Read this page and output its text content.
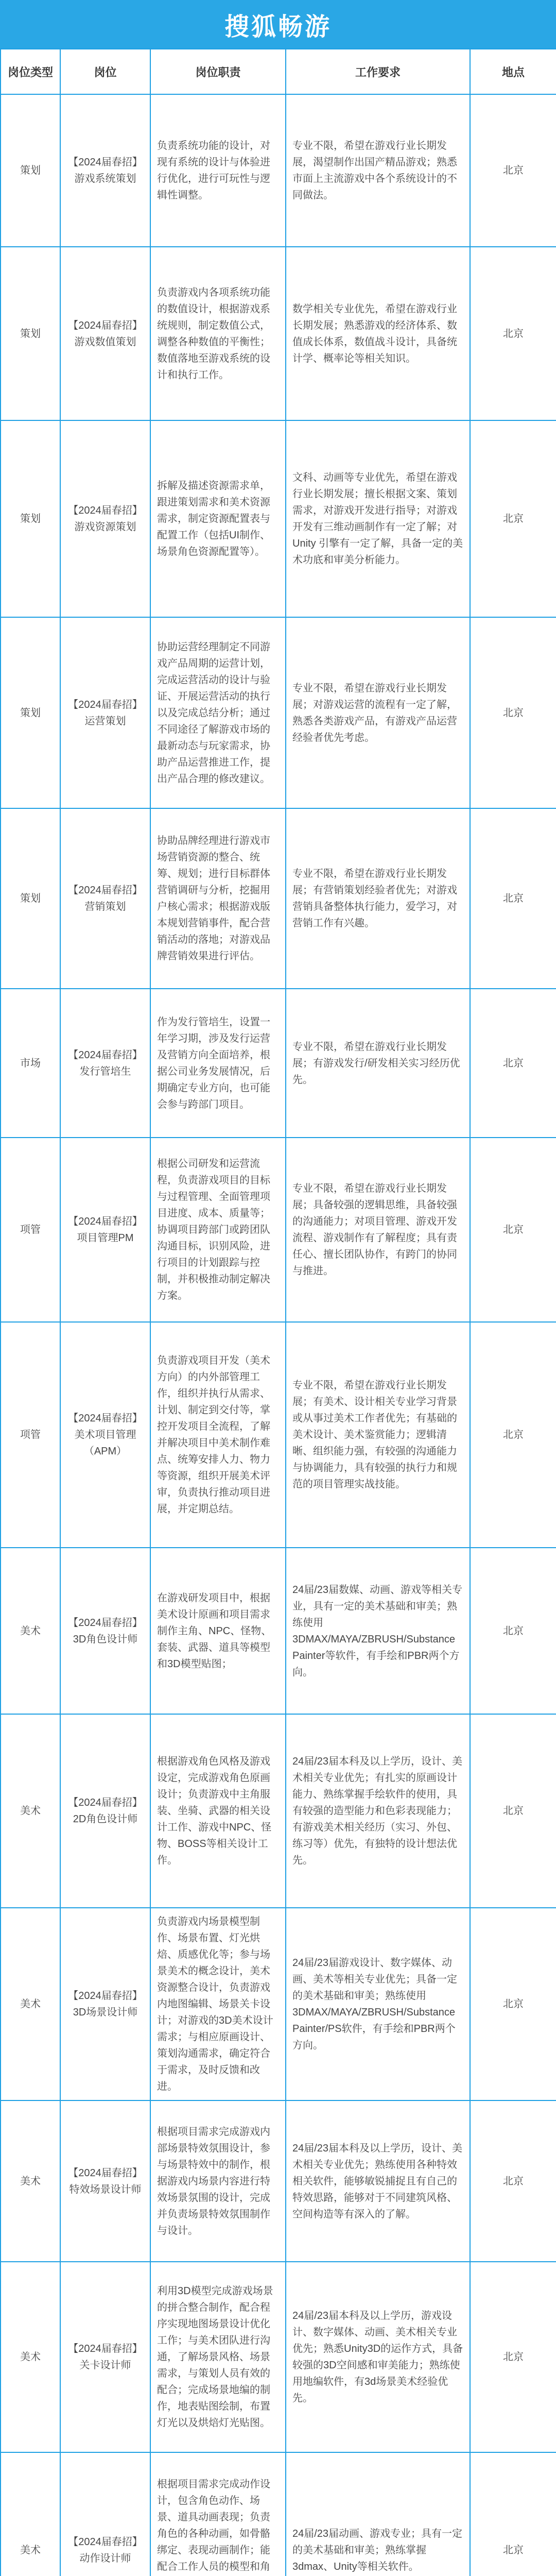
搜狐畅游
岗位类型	岗位	岗位职责	工作要求	地点
策划	【2024届春招】游戏系统策划	负责系统功能的设计，对现有系统的设计与体验进行优化，进行可玩性与逻辑性调整。	专业不限，希望在游戏行业长期发展，渴望制作出国产精品游戏；熟悉市面上主流游戏中各个系统设计的不同做法。	北京
策划	【2024届春招】游戏数值策划	负责游戏内各项系统功能的数值设计，根据游戏系统规则，制定数值公式，调整各种数值的平衡性；数值落地至游戏系统的设计和执行工作。	数学相关专业优先，希望在游戏行业长期发展；熟悉游戏的经济体系、数值成长体系，数值战斗设计，具备统计学、概率论等相关知识。	北京
策划	【2024届春招】游戏资源策划	拆解及描述资源需求单，跟进策划需求和美术资源需求，制定资源配置表与配置工作（包括UI制作、场景角色资源配置等）。	文科、动画等专业优先，希望在游戏行业长期发展；擅长根据文案、策划需求，对游戏开发进行指导；对游戏开发有三维动画制作有一定了解；对 Unity 引擎有一定了解，具备一定的美术功底和审美分析能力。	北京
策划	【2024届春招】运营策划	协助运营经理制定不同游戏产品周期的运营计划，完成运营活动的设计与验证、开展运营活动的执行以及完成总结分析；通过不同途径了解游戏市场的最新动态与玩家需求，协助产品运营推进工作，提出产品合理的修改建议。	专业不限，希望在游戏行业长期发展；对游戏运营的流程有一定了解，熟悉各类游戏产品，有游戏产品运营经验者优先考虑。	北京
策划	【2024届春招】营销策划	协助品牌经理进行游戏市场营销资源的整合、统筹、规划；进行目标群体营销调研与分析，挖掘用户核心需求；根据游戏版本规划营销事件，配合营销活动的落地；对游戏品牌营销效果进行评估。	专业不限，希望在游戏行业长期发展；有营销策划经验者优先；对游戏营销具备整体执行能力，爱学习，对营销工作有兴趣。	北京
市场	【2024届春招】发行管培生	作为发行管培生，设置一年学习期，涉及发行运营及营销方向全面培养，根据公司业务发展情况，后期确定专业方向，也可能会参与跨部门项目。	专业不限，希望在游戏行业长期发展；有游戏发行/研发相关实习经历优先。	北京
项管	【2024届春招】项目管理PM	根据公司研发和运营流程，负责游戏项目的目标与过程管理、全面管理项目进度、成本、质量等；协调项目跨部门或跨团队沟通目标，识别风险，进行项目的计划跟踪与控制，并积极推动制定解决方案。	专业不限，希望在游戏行业长期发展；具备较强的逻辑思维，具备较强的沟通能力；对项目管理、游戏开发流程、游戏制作有了解程度；具有责任心、擅长团队协作，有跨门的协同与推进。	北京
项管	【2024届春招】美术项目管理（APM）	负责游戏项目开发（美术方向）的内外部管理工作，组织并执行从需求、计划、制定到交付等，掌控开发项目全流程，了解并解决项目中美术制作难点、统筹安排人力、物力等资源，组织开展美术评审，负责执行推动项目进展，并定期总结。	专业不限，希望在游戏行业长期发展；有美术、设计相关专业学习背景或从事过美术工作者优先；有基础的美术设计、美术鉴赏能力；逻辑清晰、组织能力强，有较强的沟通能力与协调能力，具有较强的执行力和规范的项目管理实战技能。	北京
美术	【2024届春招】3D角色设计师	在游戏研发项目中，根据美术设计原画和项目需求制作主角、NPC、怪物、套装、武器、道具等模型和3D模型贴图；	24届/23届数媒、动画、游戏等相关专业，具有一定的美术基础和审美；熟练使用3DMAX/MAYA/ZBRUSH/Substance Painter等软件，有手绘和PBR两个方向。	北京
美术	【2024届春招】2D角色设计师	根据游戏角色风格及游戏设定，完成游戏角色原画设计；负责游戏中主角服装、坐骑、武器的相关设计工作、游戏中NPC、怪物、BOSS等相关设计工作。	24届/23届本科及以上学历，设计、美术相关专业优先；有扎实的原画设计能力、熟练掌握手绘软件的使用，具有较强的造型能力和色彩表现能力；有游戏美术相关经历（实习、外包、练习等）优先，有独特的设计想法优先。	北京
美术	【2024届春招】3D场景设计师	负责游戏内场景模型制作、场景布置、灯光烘焙、质感优化等；参与场景美术的概念设计，美术资源整合设计，负责游戏内地图编辑、场景关卡设计；对游戏的3D美术设计需求；与相应原画设计、策划沟通需求，确定符合于需求，及时反馈和改进。	24届/23届游戏设计、数字媒体、动画、美术等相关专业优先；具备一定的美术基础和审美；熟练使用3DMAX/MAYA/ZBRUSH/Substance Painter/PS软件，有手绘和PBR两个方向。	北京
美术	【2024届春招】特效场景设计师	根据项目需求完成游戏内部场景特效氛围设计，参与场景特效中的制作，根据游戏内场景内容进行特效场景氛围的设计，完成并负责场景特效氛围制作与设计。	24届/23届本科及以上学历，设计、美术相关专业优先；熟练使用各种特效相关软件，能够敏锐捕捉且有自己的特效思路，能够对于不同建筑风格、空间构造等有深入的了解。	北京
美术	【2024届春招】关卡设计师	利用3D模型完成游戏场景的拼合整合制作，配合程序实现地图场景设计优化工作；与美术团队进行沟通，了解场景风格、场景需求，与策划人员有效的配合；完成场景地编的制作，地表贴图绘制，布置灯光以及烘焙灯光贴图。	24届/23届本科及以上学历，游戏设计、数字媒体、动画、美术相关专业优先；熟悉Unity3D的运作方式，具备较强的3D空间感和审美能力；熟练使用地编软件，有3d场景美术经验优先。	北京
美术	【2024届春招】动作设计师	根据项目需求完成动作设计，包含角色动作、场景、道具动画表现；负责角色的各种动画，如骨骼绑定、表现动画制作；能配合工作人员的模型和角	24届/23届动画、游戏专业；具有一定的美术基础和审美；熟练掌握3dmax、Unity等相关软件。	北京
